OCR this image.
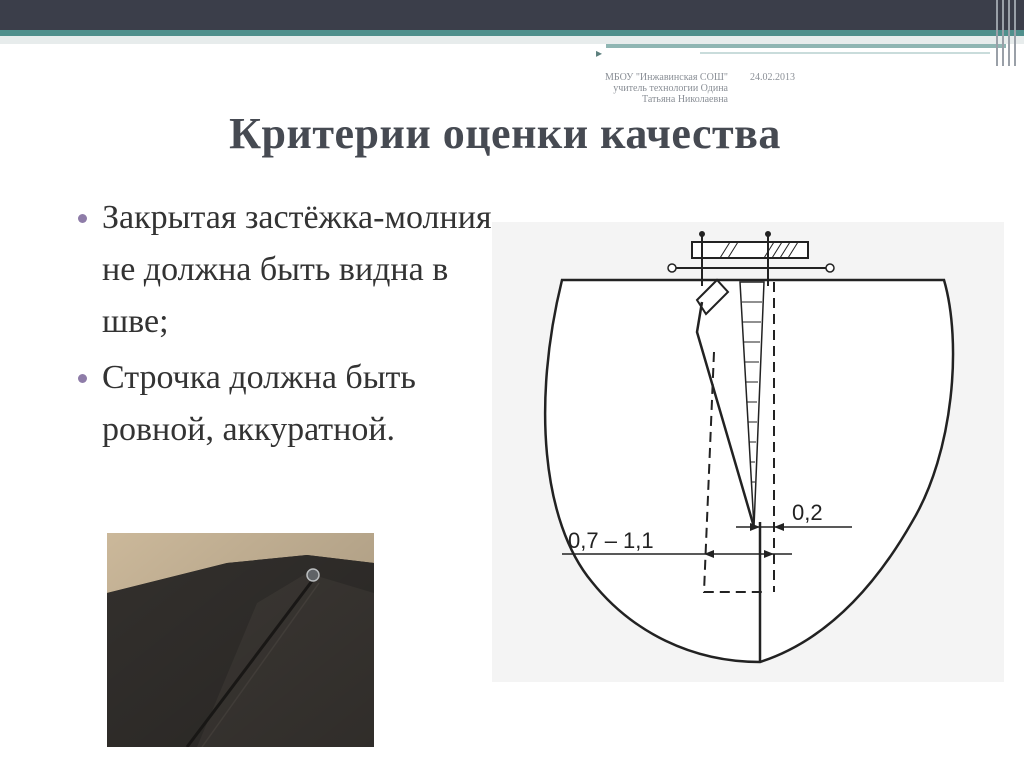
▸
МБОУ "Инжавинская СОШ" учитель технологии Одина Татьяна Николаевна
24.02.2013
Критерии оценки качества
Закрытая застёжка-молния не должна быть видна в шве;
Строчка должна быть ровной, аккуратной.
0,7 – 1,1
0,2
